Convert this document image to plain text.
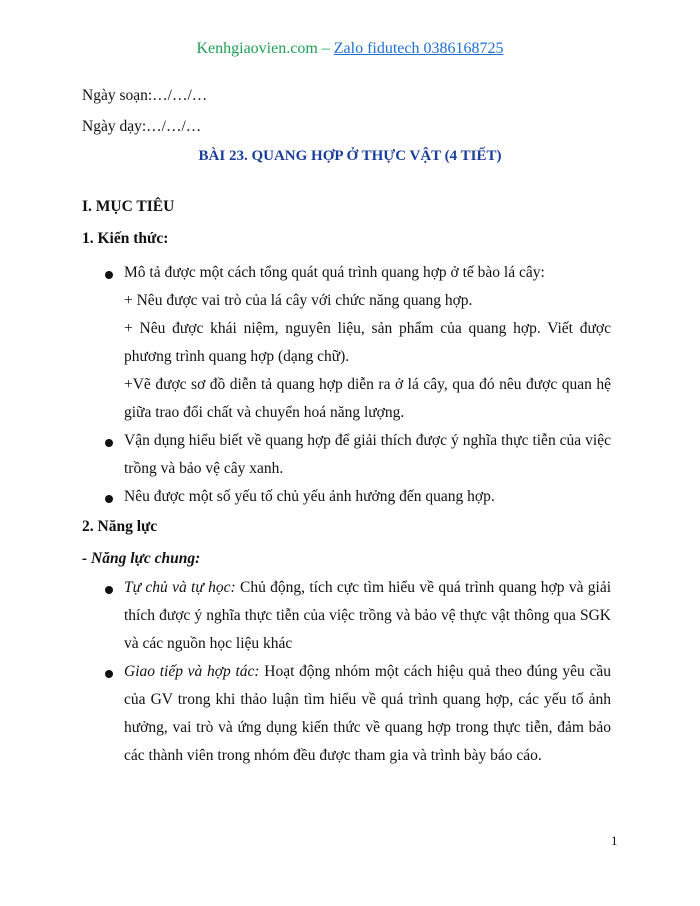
Kenhgiaovien.com – Zalo fidutech 0386168725
Ngày soạn:…/…/…
Ngày dạy:…/…/…
BÀI 23. QUANG HỢP Ở THỰC VẬT (4 TIẾT)
I. MỤC TIÊU
1. Kiến thức:
Mô tả được một cách tổng quát quá trình quang hợp ở tế bào lá cây:
+ Nêu được vai trò của lá cây với chức năng quang hợp.
+ Nêu được khái niệm, nguyên liệu, sản phẩm của quang hợp. Viết được phương trình quang hợp (dạng chữ).
+Vẽ được sơ đồ diễn tả quang hợp diễn ra ở lá cây, qua đó nêu được quan hệ giữa trao đổi chất và chuyển hoá năng lượng.
Vận dụng hiểu biết về quang hợp để giải thích được ý nghĩa thực tiễn của việc trồng và bảo vệ cây xanh.
Nêu được một số yếu tố chủ yếu ảnh hưởng đến quang hợp.
2. Năng lực
- Năng lực chung:
Tự chủ và tự học: Chủ động, tích cực tìm hiểu về quá trình quang hợp và giải thích được ý nghĩa thực tiễn của việc trồng và bảo vệ thực vật thông qua SGK và các nguồn học liệu khác
Giao tiếp và hợp tác: Hoạt động nhóm một cách hiệu quả theo đúng yêu cầu của GV trong khi thảo luận tìm hiểu về quá trình quang hợp, các yếu tố ảnh hưởng, vai trò và ứng dụng kiến thức về quang hợp trong thực tiễn, đảm bảo các thành viên trong nhóm đều được tham gia và trình bày báo cáo.
1
